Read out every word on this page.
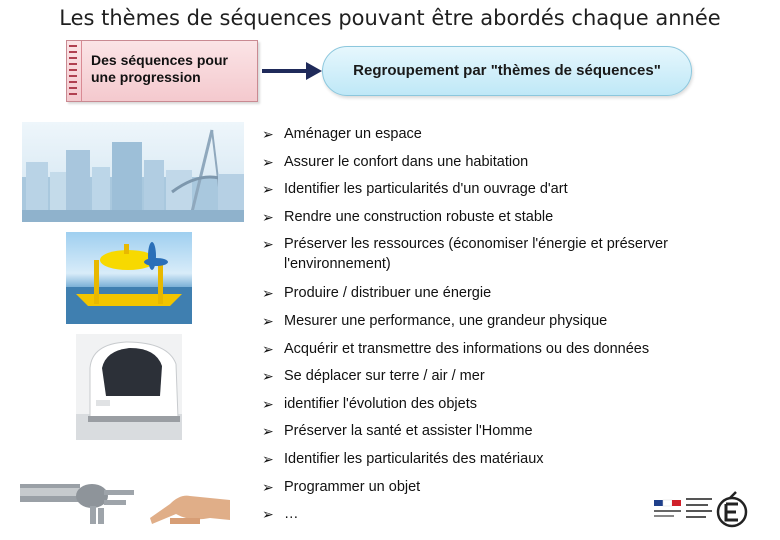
Les thèmes de séquences pouvant être abordés chaque année
Des séquences pour
une progression	Regroupement par "thèmes de séquences"
➢ Aménager un espace
➢ Assurer le confort dans une habitation
➢ Identifier les particularités d'un ouvrage d'art
➢ Rendre une construction robuste et stable
➢ Préserver les ressources (économiser l'énergie et préserver l'environnement)
➢ Produire / distribuer une énergie
➢ Mesurer une performance, une grandeur physique
➢ Acquérir et transmettre des informations ou des données
➢ Se déplacer sur terre / air / mer
➢ identifier l'évolution des objets
➢ Préserver la santé et assister l'Homme
➢ Identifier les particularités des matériaux
➢ Programmer un objet
➢ …
